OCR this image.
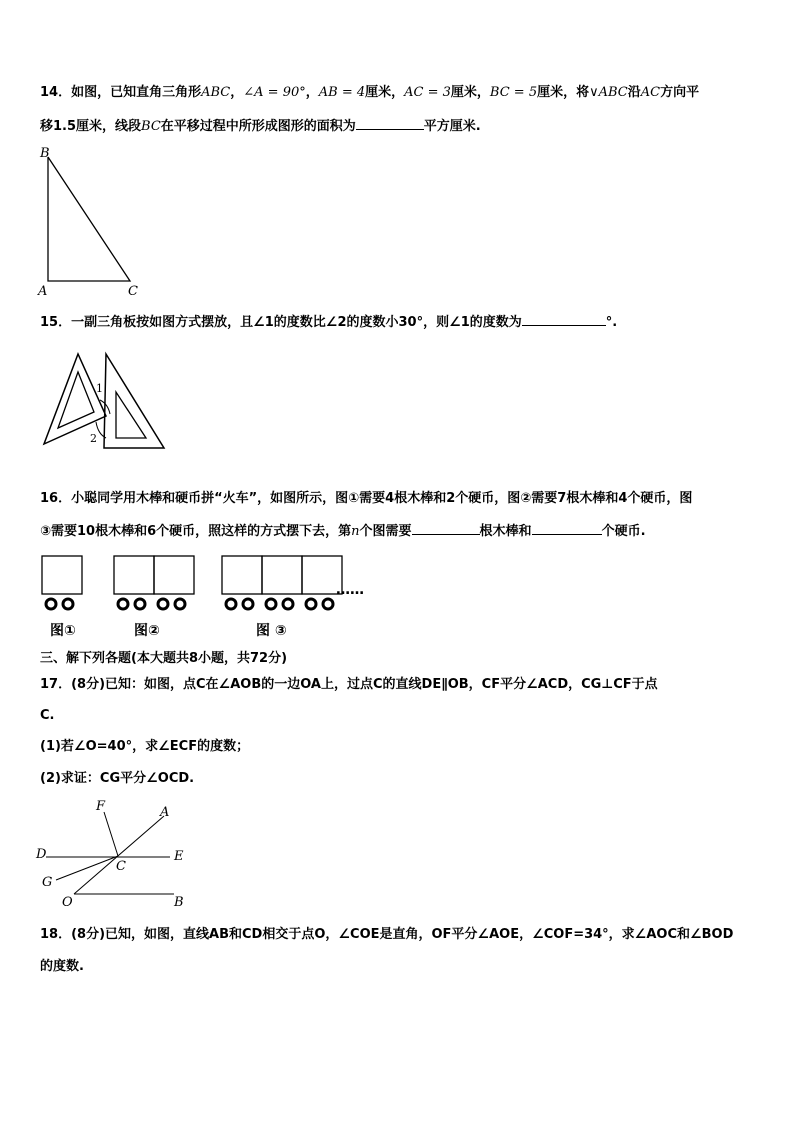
14．如图，已知直角三角形ABC，∠A = 90°，AB = 4厘米，AC = 3厘米，BC = 5厘米，将∨ABC沿AC方向平
移1.5厘米，线段BC在平移过程中所形成图形的面积为	平方厘米.
B
A	C
15．一副三角板按如图方式摆放，且∠1的度数比∠2的度数小30°，则∠1的度数为	°.
1
2
16．小聪同学用木棒和硬币拼“火车”，如图所示，图①需要4根木棒和2个硬币，图②需要7根木棒和4个硬币，图
③需要10根木棒和6个硬币，照这样的方式摆下去，第n个图需要	根木棒和	个硬币.
……
图①	图②	图 ③
三、解下列各题(本大题共8小题，共72分)
17．(8分)已知：如图，点C在∠AOB的一边OA上，过点C的直线DE∥OB，CF平分∠ACD，CG⊥CF于点
C.
(1)若∠O=40°，求∠ECF的度数；
(2)求证：CG平分∠OCD.
F	A
D	E
C
G
O	B
18．(8分)已知，如图，直线AB和CD相交于点O，∠COE是直角，OF平分∠AOE，∠COF=34°，求∠AOC和∠BOD
的度数.
